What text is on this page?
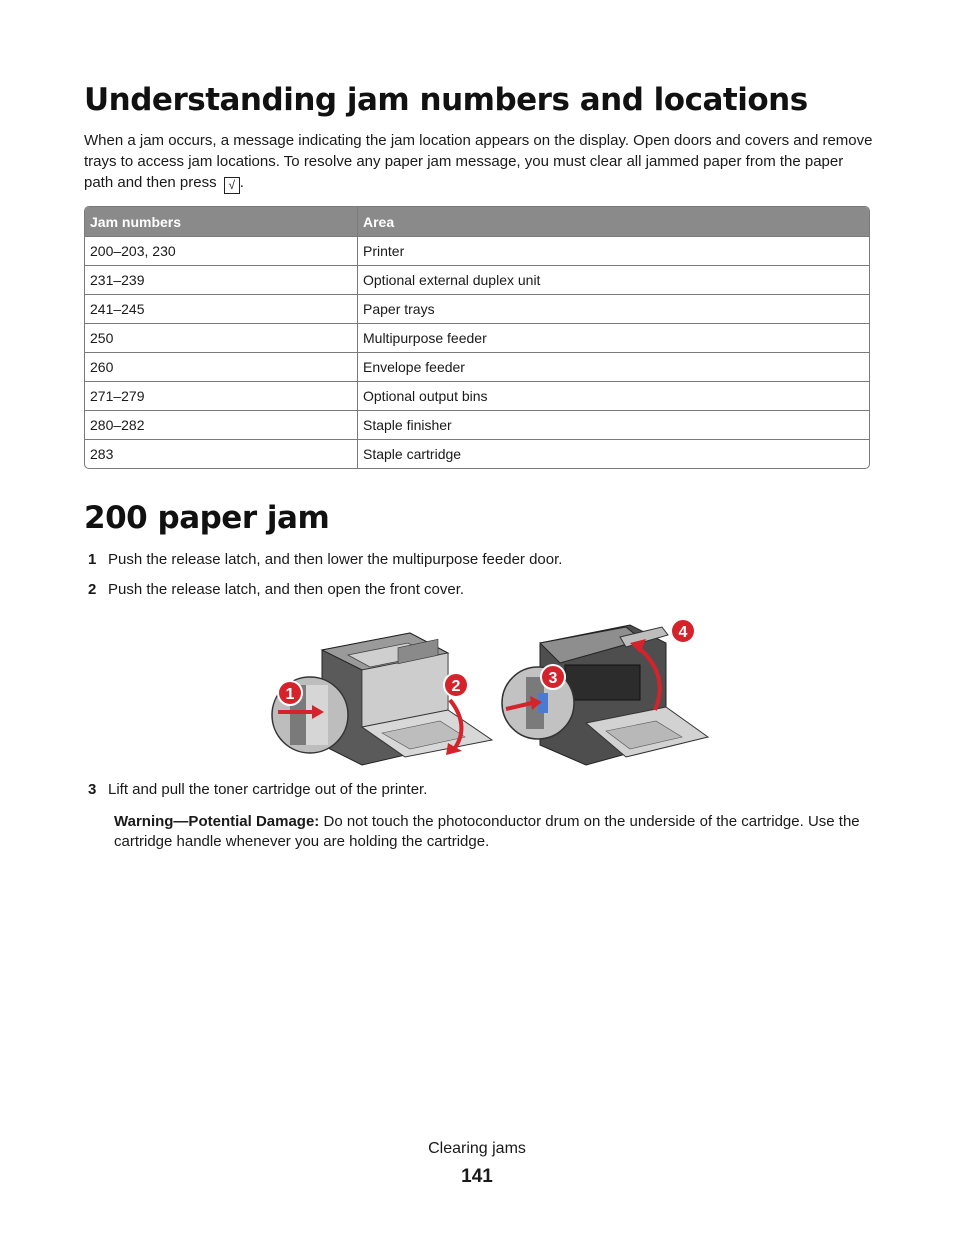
Understanding jam numbers and locations

When a jam occurs, a message indicating the jam location appears on the display. Open doors and covers and remove trays to access jam locations. To resolve any paper jam message, you must clear all jammed paper from the paper path and then press √ .

Jam numbers	Area
200–203, 230	Printer
231–239	Optional external duplex unit
241–245	Paper trays
250	Multipurpose feeder
260	Envelope feeder
271–279	Optional output bins
280–282	Staple finisher
283	Staple cartridge
200 paper jam

1 Push the release latch, and then lower the multipurpose feeder door.

2 Push the release latch, and then open the front cover.

1	2	3
4

3 Lift and pull the toner cartridge out of the printer.

Warning—Potential Damage: Do not touch the photoconductor drum on the underside of the cartridge. Use the cartridge handle whenever you are holding the cartridge.

Clearing jams
141
